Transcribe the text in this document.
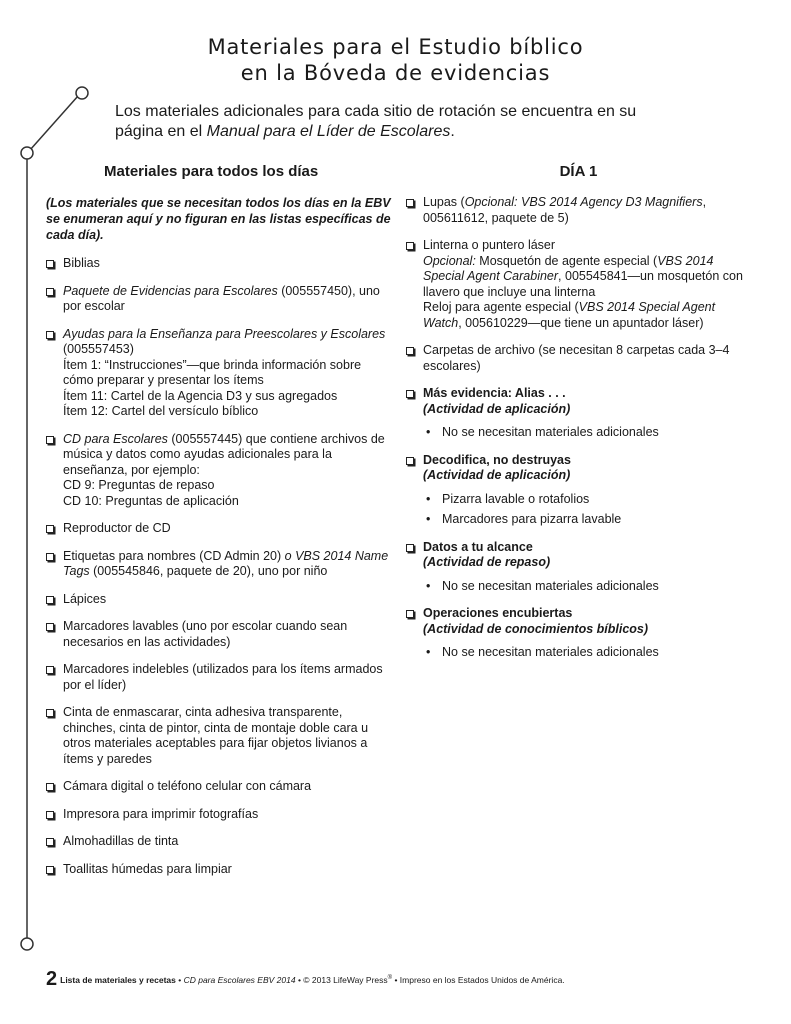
Materiales para el Estudio bíblico
en la Bóveda de evidencias
Los materiales adicionales para cada sitio de rotación se encuentra en su
página en el Manual para el Líder de Escolares.
Materiales para todos los días
(Los materiales que se necesitan todos los días en la EBV se enumeran aquí y no figuran en las listas específicas de cada día).
Biblias
Paquete de Evidencias para Escolares (005557450), uno por escolar
Ayudas para la Enseñanza para Preescolares y Escolares (005557453)
Ítem 1: “Instrucciones”—que brinda información sobre cómo preparar y presentar los ítems
Ítem 11: Cartel de la Agencia D3 y sus agregados
Ítem 12: Cartel del versículo bíblico
CD para Escolares (005557445) que contiene archivos de música y datos como ayudas adicionales para la enseñanza, por ejemplo:
CD 9: Preguntas de repaso
CD 10: Preguntas de aplicación
Reproductor de CD
Etiquetas para nombres (CD Admin 20) o VBS 2014 Name Tags (005545846, paquete de 20), uno por niño
Lápices
Marcadores lavables (uno por escolar cuando sean necesarios en las actividades)
Marcadores indelebles (utilizados para los ítems armados por el líder)
Cinta de enmascarar, cinta adhesiva transparente, chinches, cinta de pintor, cinta de montaje doble cara u otros materiales aceptables para fijar objetos livianos a ítems y paredes
Cámara digital o teléfono celular con cámara
Impresora para imprimir fotografías
Almohadillas de tinta
Toallitas húmedas para limpiar
DÍA 1
Lupas (Opcional: VBS 2014 Agency D3 Magnifiers, 005611612, paquete de 5)
Linterna o puntero láser
Opcional: Mosquetón de agente especial (VBS 2014 Special Agent Carabiner, 005545841—un mosquetón con llavero que incluye una linterna
Reloj para agente especial (VBS 2014 Special Agent Watch, 005610229—que tiene un apuntador láser)
Carpetas de archivo (se necesitan 8 carpetas cada 3–4 escolares)
Más evidencia: Alias . . .
(Actividad de aplicación)
• No se necesitan materiales adicionales
Decodifica, no destruyas
(Actividad de aplicación)
• Pizarra lavable o rotafolios
• Marcadores para pizarra lavable
Datos a tu alcance
(Actividad de repaso)
• No se necesitan materiales adicionales
Operaciones encubiertas
(Actividad de conocimientos bíblicos)
• No se necesitan materiales adicionales
2 Lista de materiales y recetas • CD para Escolares EBV 2014 • © 2013 LifeWay Press® • Impreso en los Estados Unidos de América.
